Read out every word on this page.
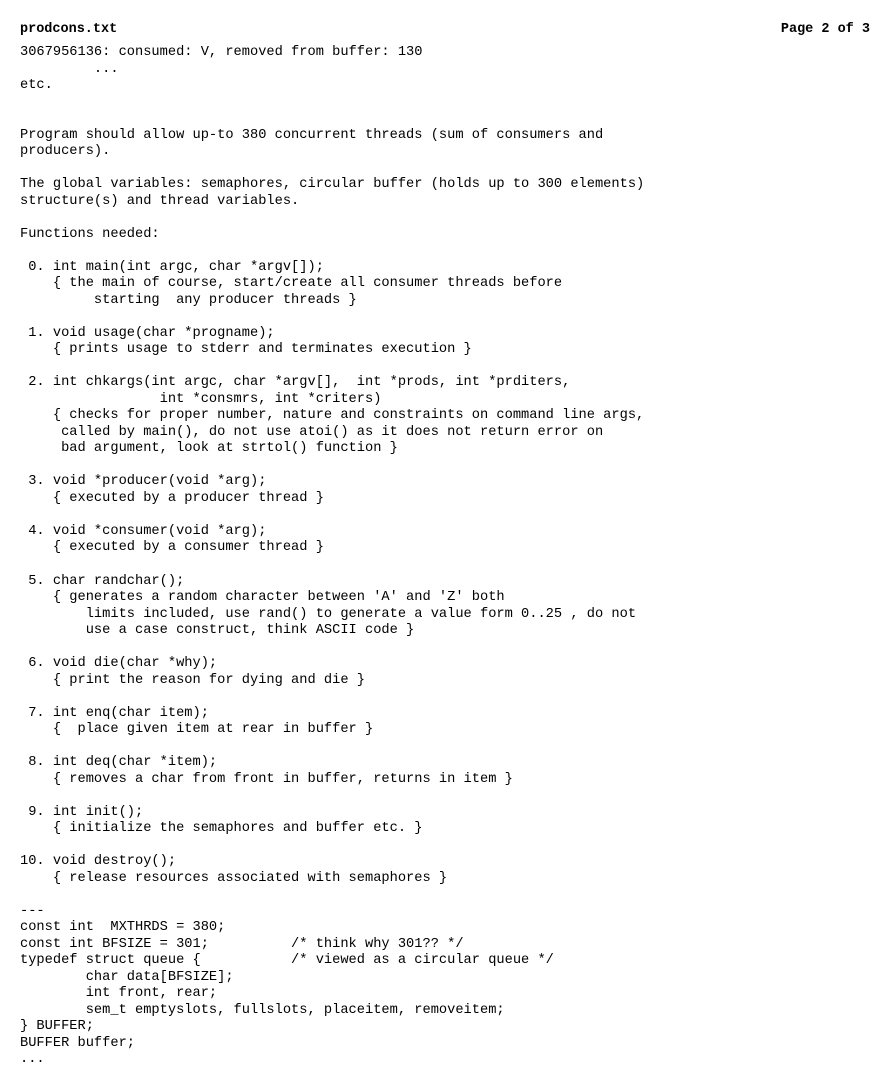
prodcons.txt	Page 2 of 3
3067956136: consumed: V, removed from buffer: 130
...
etc.
Program should allow up-to 380 concurrent threads (sum of consumers and
producers).
The global variables: semaphores, circular buffer (holds up to 300 elements)
structure(s) and thread variables.
Functions needed:
0. int main(int argc, char *argv[]);
{ the main of course, start/create all consumer threads before
starting  any producer threads }
1. void usage(char *progname);
{ prints usage to stderr and terminates execution }
2. int chkargs(int argc, char *argv[],  int *prods, int *prditers,
int *consmrs, int *criters)
{ checks for proper number, nature and constraints on command line args,
called by main(), do not use atoi() as it does not return error on
bad argument, look at strtol() function }
3. void *producer(void *arg);
{ executed by a producer thread }
4. void *consumer(void *arg);
{ executed by a consumer thread }
5. char randchar();
{ generates a random character between 'A' and 'Z' both
limits included, use rand() to generate a value form 0..25 , do not
use a case construct, think ASCII code }
6. void die(char *why);
{ print the reason for dying and die }
7. int enq(char item);
{  place given item at rear in buffer }
8. int deq(char *item);
{ removes a char from front in buffer, returns in item }
9. int init();
{ initialize the semaphores and buffer etc. }
10. void destroy();
{ release resources associated with semaphores }
---
const int  MXTHRDS = 380;
const int BFSIZE = 301;          /* think why 301?? */
typedef struct queue {           /* viewed as a circular queue */
char data[BFSIZE];
int front, rear;
sem_t emptyslots, fullslots, placeitem, removeitem;
} BUFFER;
BUFFER buffer;
...
